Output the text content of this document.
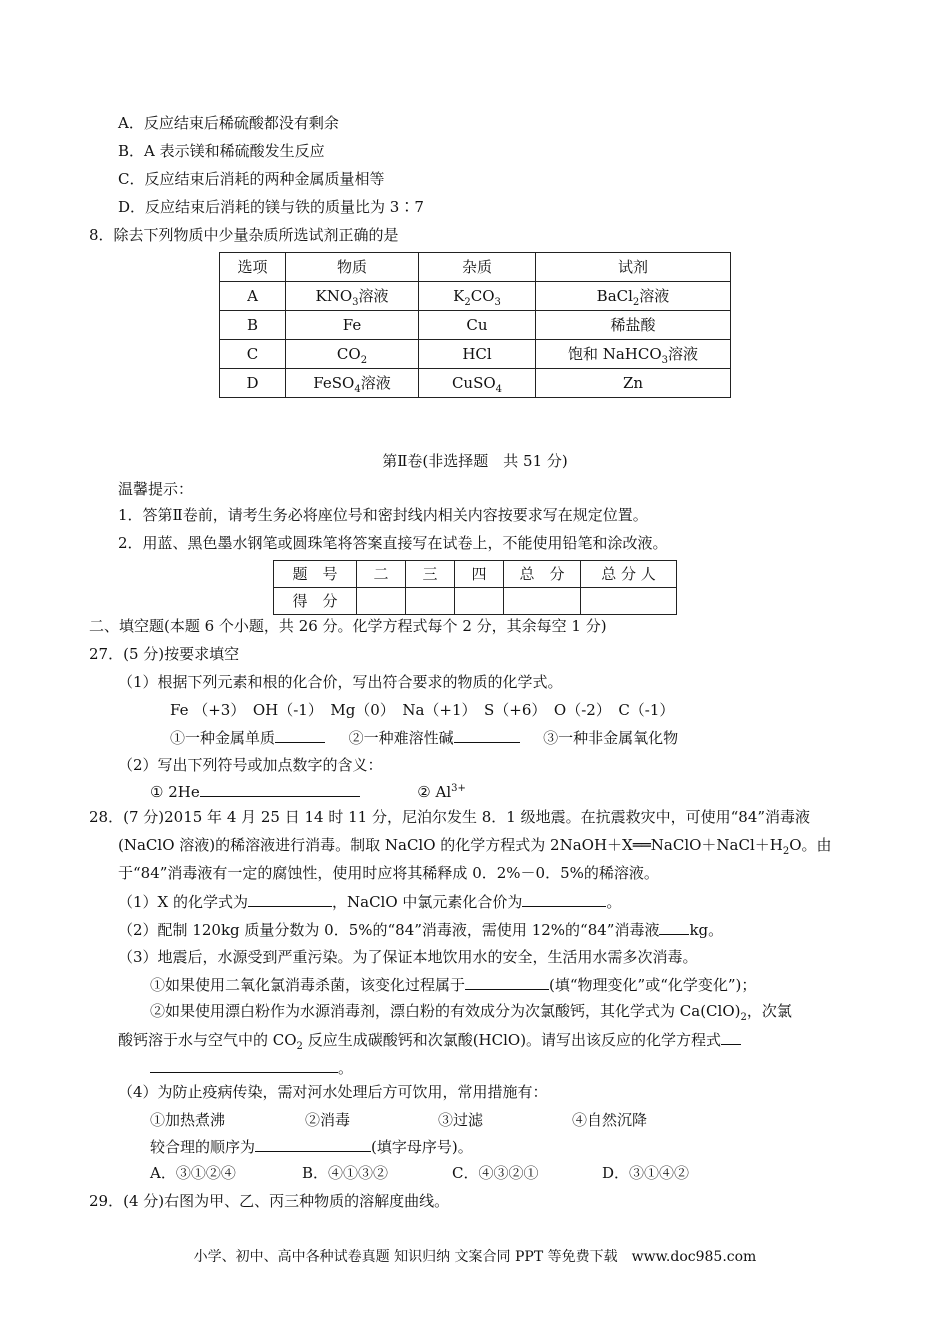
A．反应结束后稀硫酸都没有剩余
B．A 表示镁和稀硫酸发生反应
C．反应结束后消耗的两种金属质量相等
D．反应结束后消耗的镁与铁的质量比为 3∶7
8．除去下列物质中少量杂质所选试剂正确的是
选项	物质	杂质	试剂
A	$KNO_3$溶液	$K_2CO_3$	BaCl$_2$溶液
B	Fe	Cu	稀盐酸
C	$CO_2$	HCl	饱和 NaHCO$_3$溶液
D	FeSO$_4$溶液	CuSO$_4$	Zn
第Ⅱ卷(非选择题　共 51 分)
温馨提示：
1．答第Ⅱ卷前，请考生务必将座位号和密封线内相关内容按要求写在规定位置。
2．用蓝、黑色墨水钢笔或圆珠笔将答案直接写在试卷上，不能使用铅笔和涂改液。
题　号	二	三	四	总　分	总 分 人
得　分					
二、填空题(本题 6 个小题，共 26 分。化学方程式每个 2 分，其余每空 1 分)
27．(5 分)按要求填空
（1）根据下列元素和根的化合价，写出符合要求的物质的化学式。
Fe （+3）　OH（-1）　Mg（0）　Na（+1）　S（+6）　O（-2）　C（-1）
①一种金属单质	②一种难溶性碱	③一种非金属氧化物
（2）写出下列符号或加点数字的含义：
① 2He	② $Al^{3+}$
28．(7 分)2015 年 4 月 25 日 14 时 11 分，尼泊尔发生 8．1 级地震。在抗震救灾中，可使用“84”消毒液
(NaClO 溶液)的稀溶液进行消毒。制取 NaClO 的化学方程式为 $2NaOH+X══NaClO+NaCl+H_2O$。由
于“84”消毒液有一定的腐蚀性，使用时应将其稀释成 0．2%－0．5%的稀溶液。
（1）X 的化学式为	，NaClO 中氯元素化合价为	。
（2）配制 120kg 质量分数为 0．5%的“84”消毒液，需使用 12%的“84”消毒液 kg。
（3）地震后，水源受到严重污染。为了保证本地饮用水的安全，生活用水需多次消毒。
①如果使用二氧化氯消毒杀菌，该变化过程属于	(填“物理变化”或“化学变化”)；
②如果使用漂白粉作为水源消毒剂，漂白粉的有效成分为次氯酸钙，其化学式为 $Ca(ClO)_2$，次氯
酸钙溶于水与空气中的 $CO_2$ 反应生成碳酸钙和次氯酸(HClO)。请写出该反应的化学方程式
。
（4）为防止疫病传染，需对河水处理后方可饮用，常用措施有：
①加热煮沸	②消毒	③过滤	④自然沉降
较合理的顺序为	(填字母序号)。
A．③①②④	B．④①③②	C．④③②①	D．③①④②
29．(4 分)右图为甲、乙、丙三种物质的溶解度曲线。
小学、初中、高中各种试卷真题 知识归纳 文案合同 PPT 等免费下载　www.doc985.com
